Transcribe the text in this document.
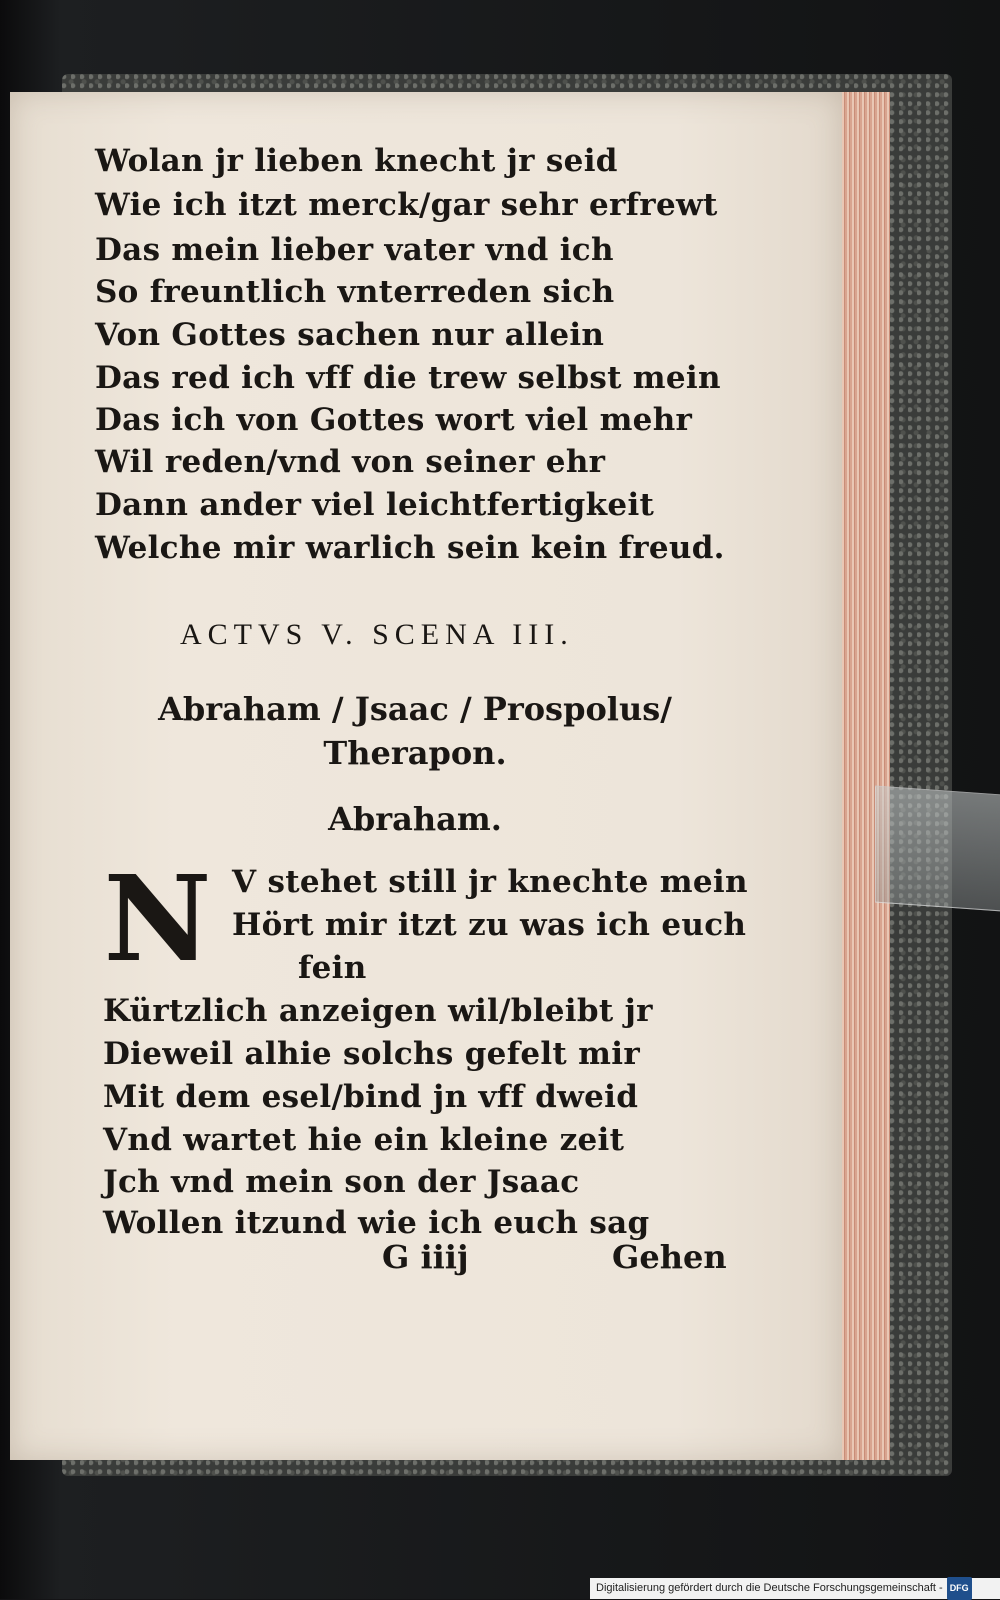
Wolan jr lieben knecht jr seid
Wie ich itzt merck/gar sehr erfrewt
Das mein lieber vater vnd ich
So freuntlich vnterreden sich
Von Gottes sachen nur allein
Das red ich vff die trew selbst mein
Das ich von Gottes wort viel mehr
Wil reden/vnd von seiner ehr
Dann ander viel leichtfertigkeit
Welche mir warlich sein kein freud.
ACTVS V. SCENA III.
Abraham / Jsaac / Prospolus/
Therapon.
Abraham.
N V stehet still jr knechte mein
Hört mir itzt zu was ich euch
fein
Kürtzlich anzeigen wil/bleibt jr
Dieweil alhie solchs gefelt mir
Mit dem esel/bind jn vff dweid
Vnd wartet hie ein kleine zeit
Jch vnd mein son der Jsaac
Wollen itzund wie ich euch sag
G iiij	Gehen
Digitalisierung gefördert durch die Deutsche Forschungsgemeinschaft - DFG
